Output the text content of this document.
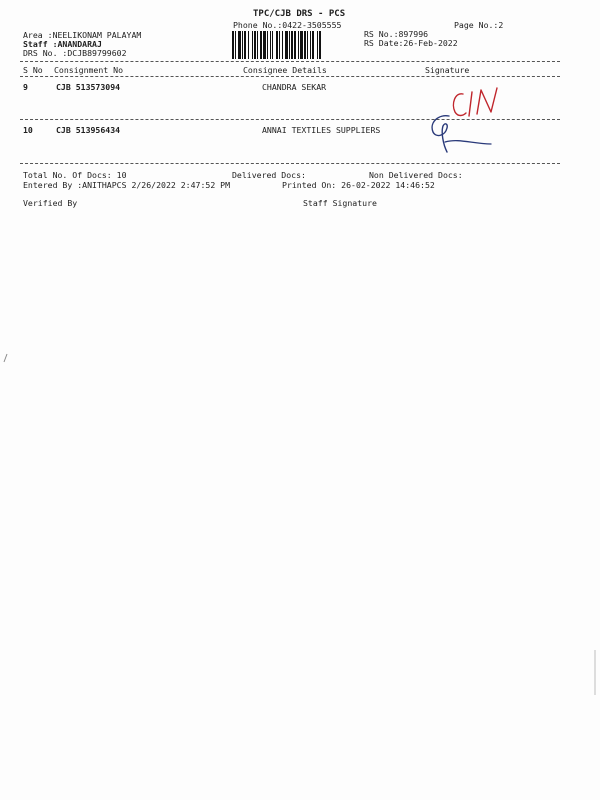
TPC/CJB DRS - PCS
Phone No.:0422-3505555	Page No.:2
Area :NEELIKONAM PALAYAM
Staff :ANANDARAJ
DRS No. :DCJB89799602
RS No.:897996
RS Date:26-Feb-2022
S No Consignment No	Consignee Details	Signature
9	CJB 513573094	CHANDRA SEKAR
10	CJB 513956434	ANNAI TEXTILES SUPPLIERS
Total No. Of Docs: 10	Delivered Docs:	Non Delivered Docs:
Entered By :ANITHAPCS 2/26/2022 2:47:52 PM	Printed On: 26-02-2022 14:46:52
Verified By	Staff Signature
